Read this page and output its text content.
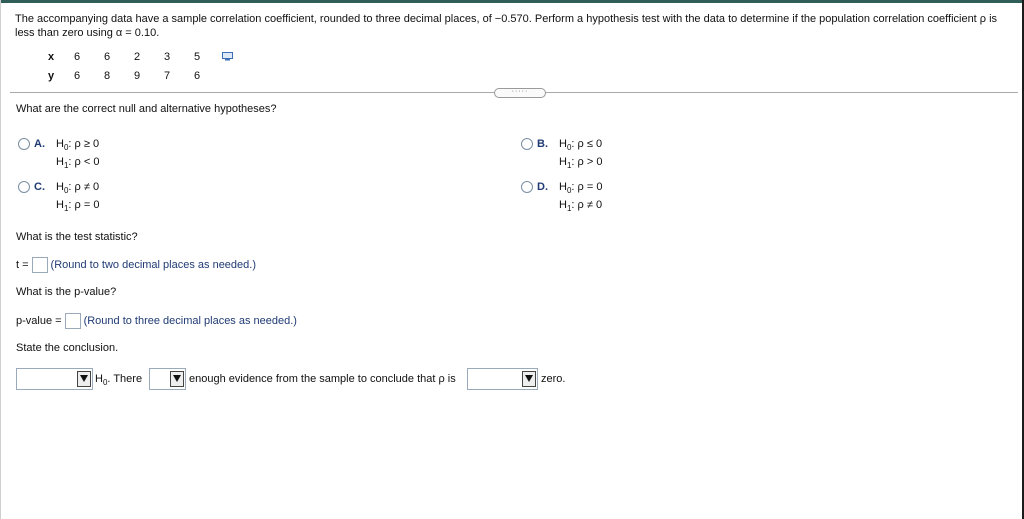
The accompanying data have a sample correlation coefficient, rounded to three decimal places, of −0.570. Perform a hypothesis test with the data to determine if the population correlation coefficient ρ is less than zero using α = 0.10.
x	6	6	2	3	5	
y	6	8	9	7	6	
·····
What are the correct null and alternative hypotheses?
A. $H_0$: ρ ≥ 0
$H_1$: ρ < 0
B. $H_0$: ρ ≤ 0
$H_1$: ρ > 0
C. $H_0$: ρ ≠ 0
$H_1$: ρ = 0
D. $H_0$: ρ = 0
$H_1$: ρ ≠ 0
What is the test statistic?
t = (Round to two decimal places as needed.)
What is the p-value?
p-value = (Round to three decimal places as needed.)
State the conclusion.
$H_0$. There	enough evidence from the sample to conclude that ρ is	zero.
